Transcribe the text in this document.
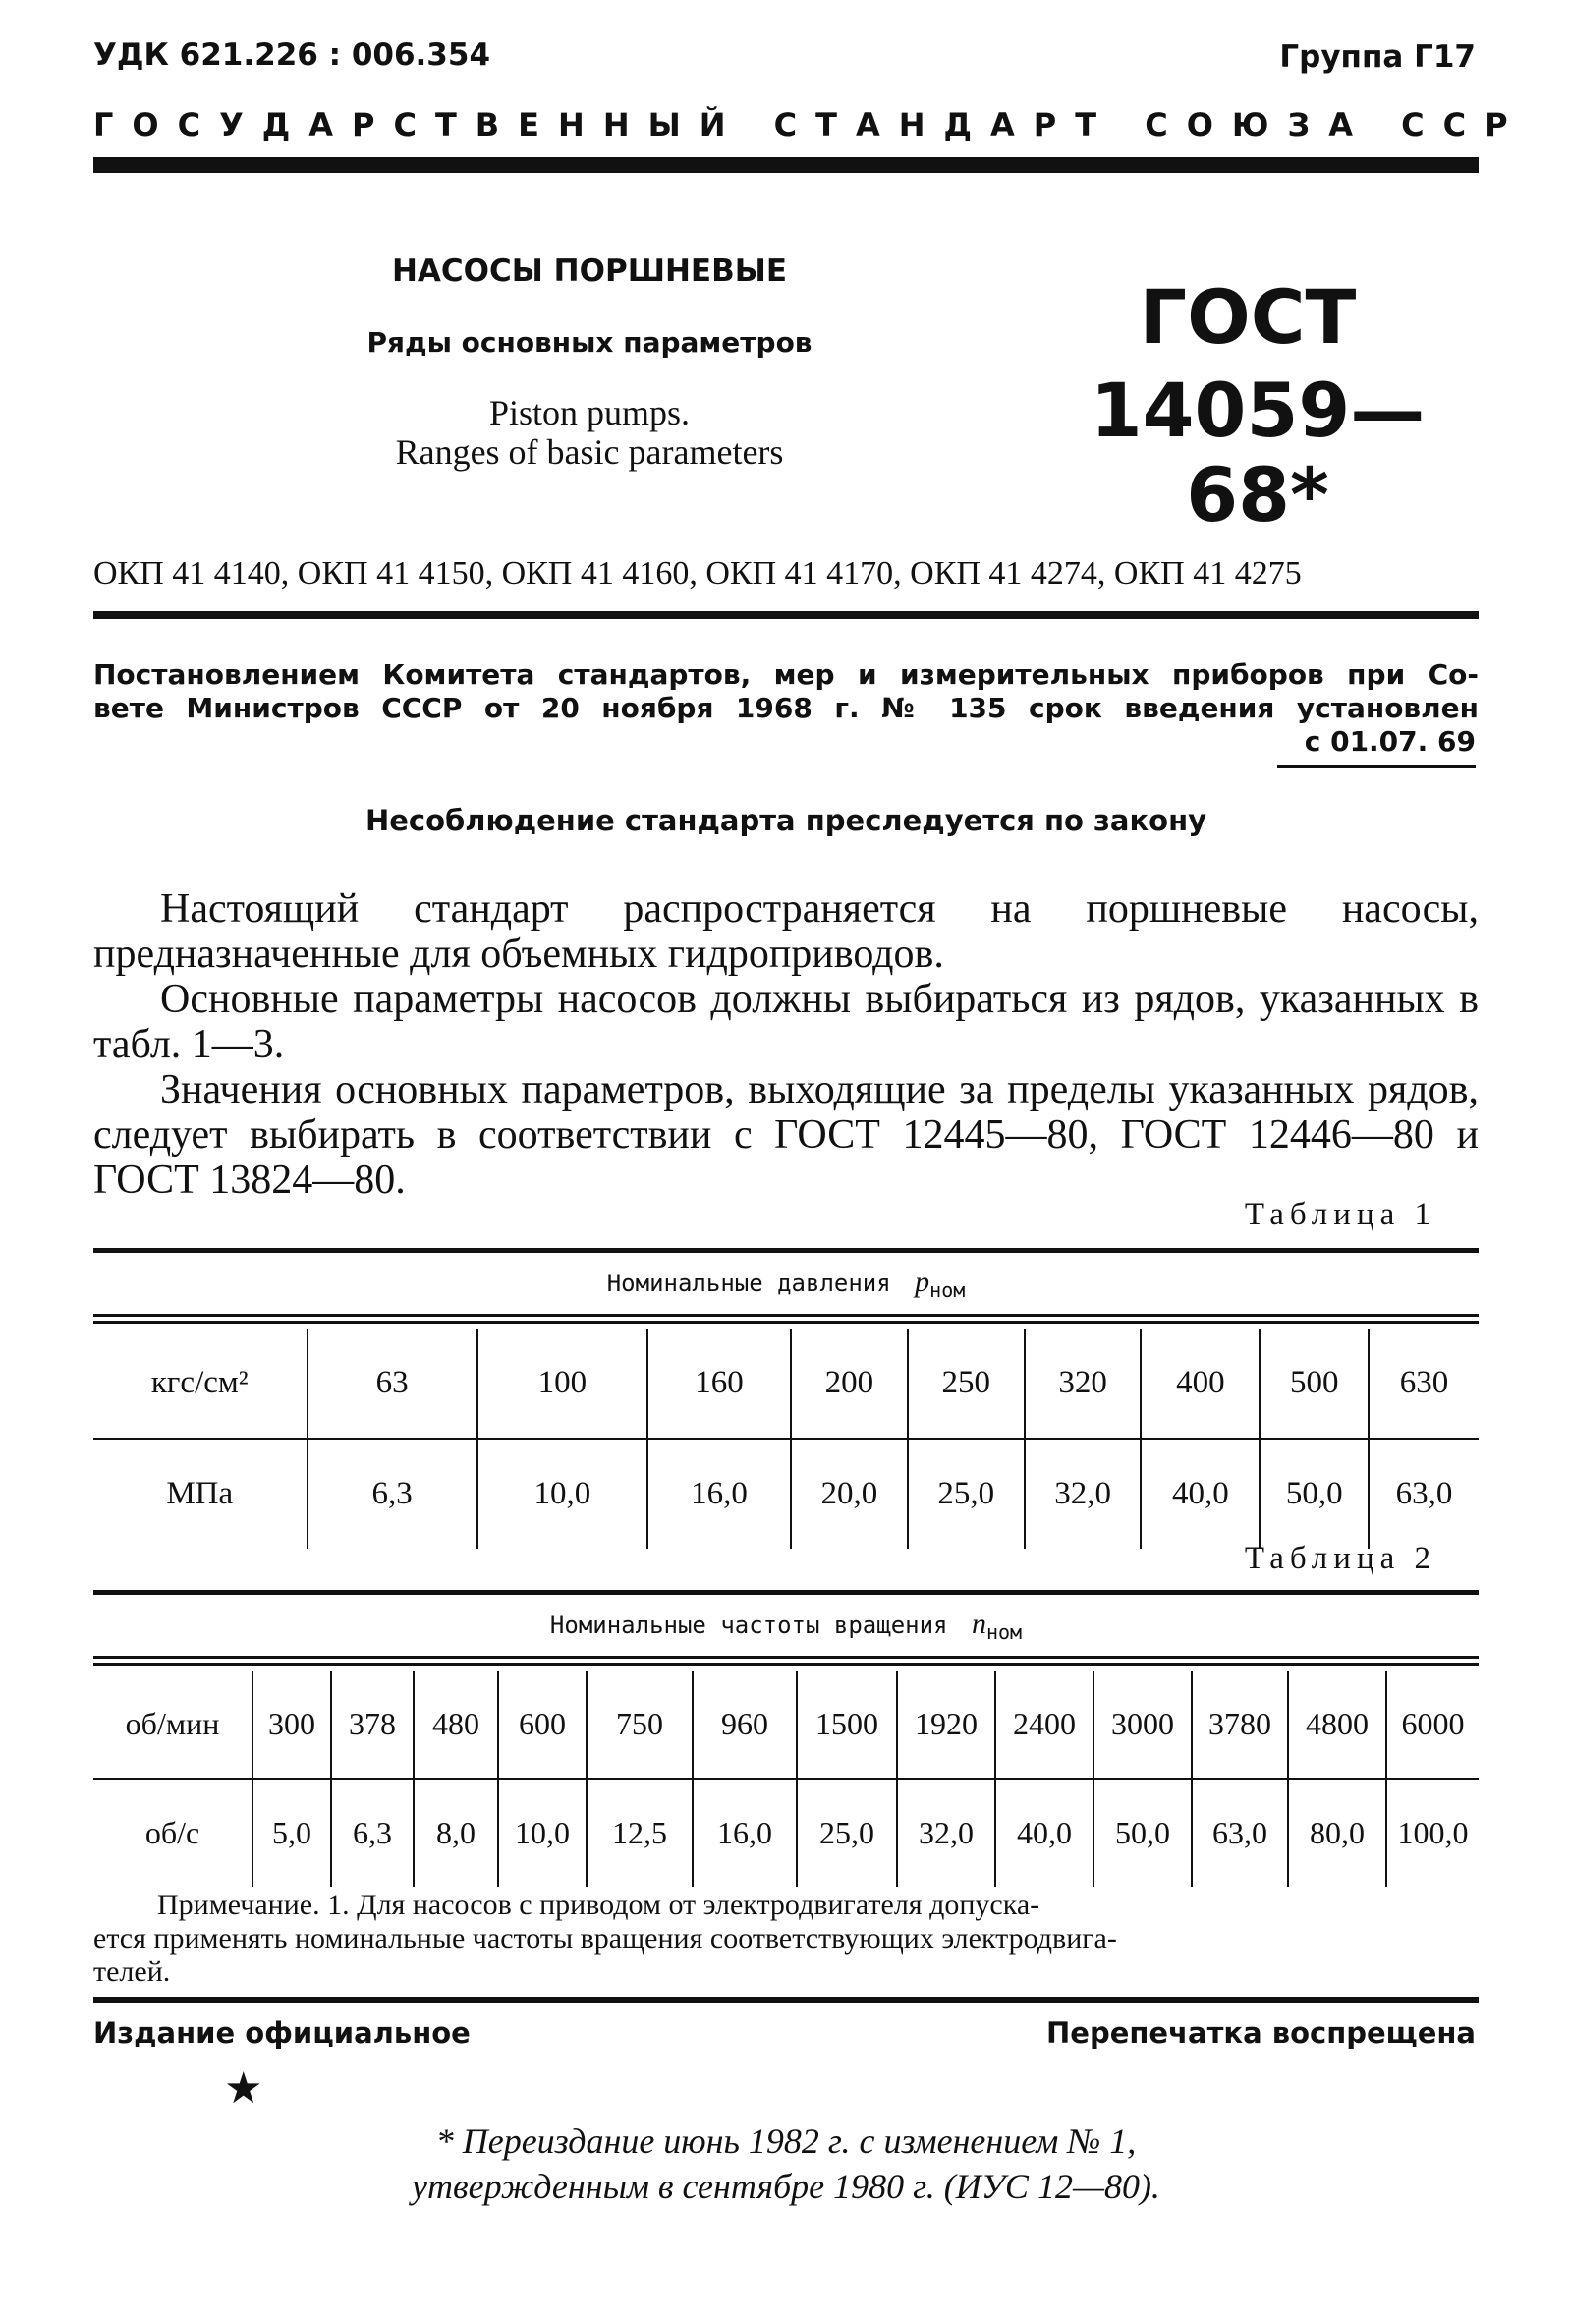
УДК 621.226 : 006.354	Группа Г17
ГОСУДАРСТВЕННЫЙ СТАНДАРТ СОЮЗА ССР
НАСОСЫ ПОРШНЕВЫЕ
Ряды основных параметров
Piston pumps.
Ranges of basic parameters
ГОСТ
14059—68*
ОКП 41 4140, ОКП 41 4150, ОКП 41 4160, ОКП 41 4170, ОКП 41 4274, ОКП 41 4275
Постановлением Комитета стандартов, мер и измерительных приборов при Со-
вете Министров СССР от 20 ноября 1968 г. № 135 срок введения установлен
с 01.07. 69
Несоблюдение стандарта преследуется по закону
Настоящий стандарт распространяется на поршневые насосы, предназначенные для объемных гидроприводов.
Основные параметры насосов должны выбираться из рядов, указанных в табл. 1—3.
Значения основных параметров, выходящие за пределы указанных рядов, следует выбирать в соответствии с ГОСТ 12445—80, ГОСТ 12446—80 и ГОСТ 13824—80.
Таблица 1
Номинальные давления $p_{ном}$
кгс/см²	63	100	160	200	250	320	400	500	630
МПа	6,3	10,0	16,0	20,0	25,0	32,0	40,0	50,0	63,0
Таблица 2
Номинальные частоты вращения $n_{ном}$
об/мин	300	378	480	600	750	960	1500	1920	2400	3000	3780	4800	6000
об/с	5,0	6,3	8,0	10,0	12,5	16,0	25,0	32,0	40,0	50,0	63,0	80,0	100,0
Примечание. 1. Для насосов с приводом от электродвигателя допуска-
ется применять номинальные частоты вращения соответствующих электродвига-
телей.
Издание официальное	Перепечатка воспрещена
★
* Переиздание июнь 1982 г. с изменением № 1,
утвержденным в сентябре 1980 г. (ИУС 12—80).
